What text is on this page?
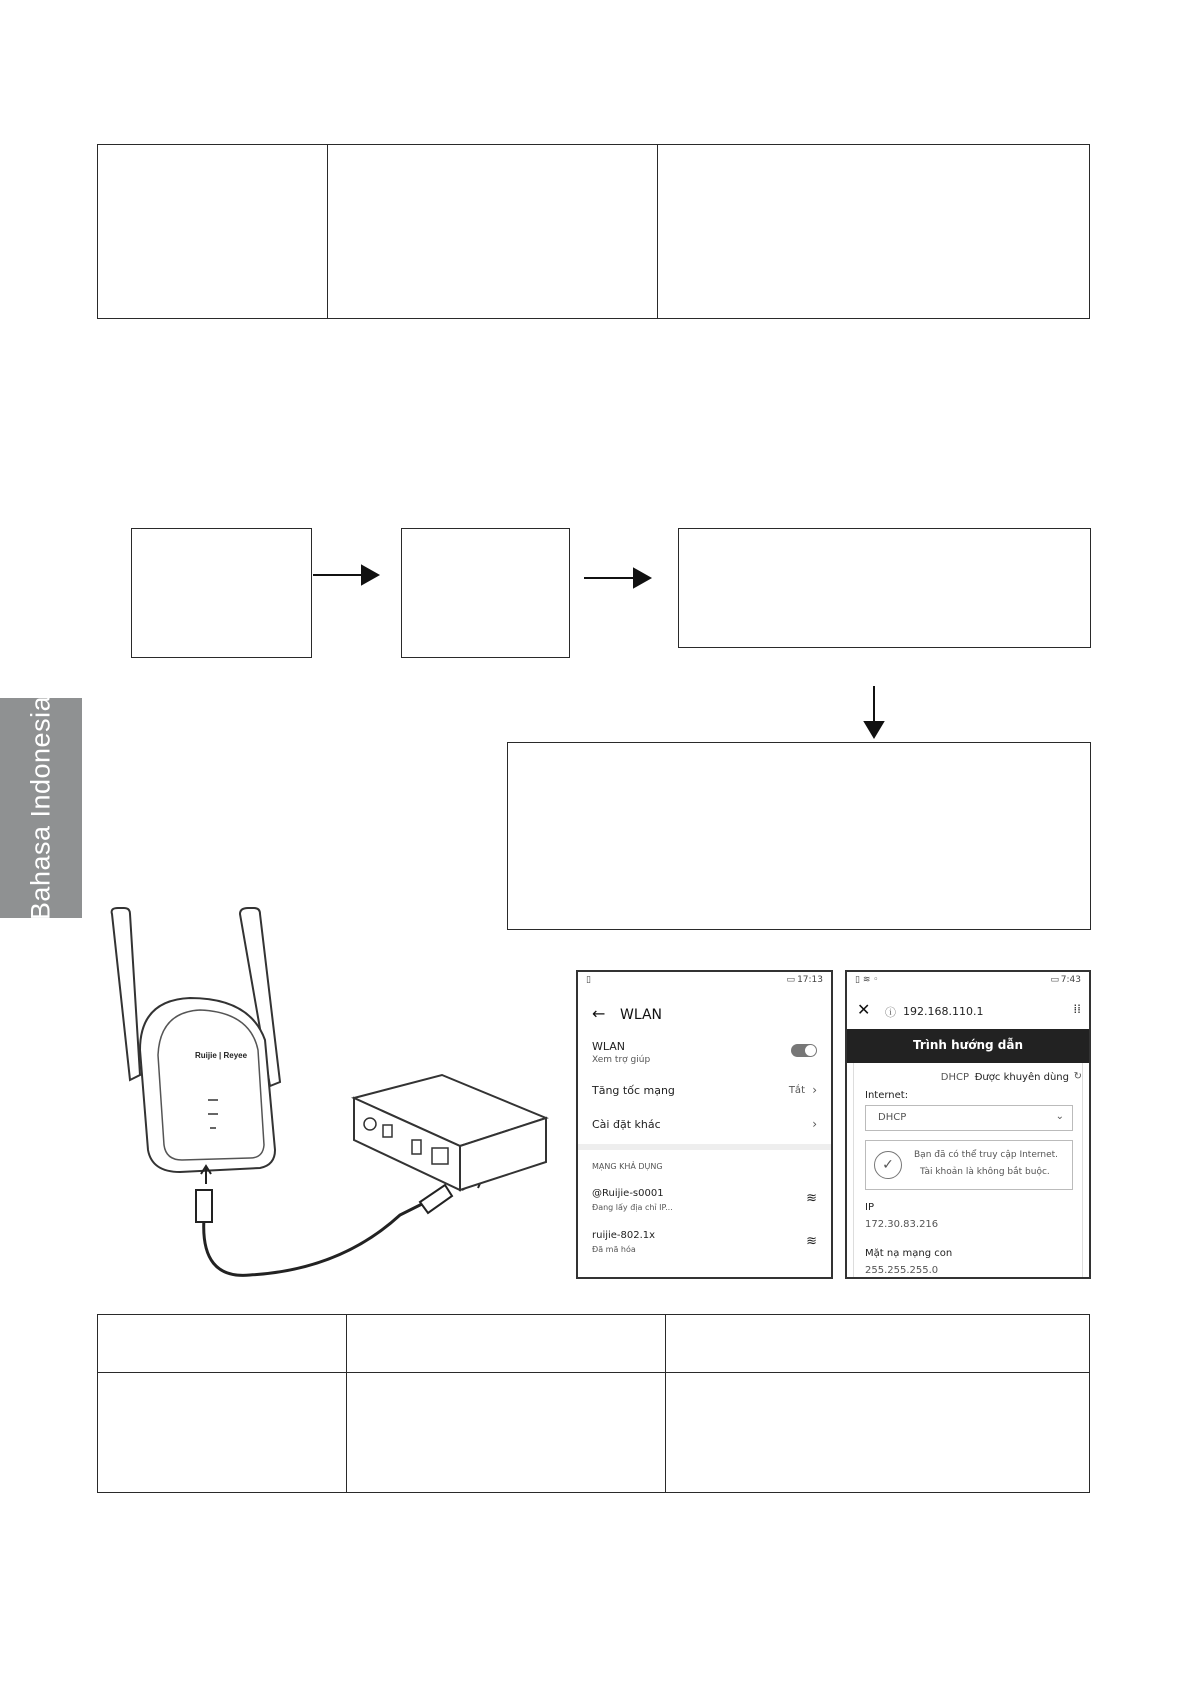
Bahasa Indonesia
Ruijie | Reyee
▯	▭ 17:13
← WLAN
WLAN
Xem trợ giúp
Tăng tốc mạng	Tắt ›
Cài đặt khác	›
MẠNG KHẢ DỤNG
@Ruijie-s0001
Đang lấy địa chỉ IP...
≋
ruijie-802.1x
Đã mã hóa
≋
▯ ≋ ◦	▭ 7:43
✕ ⓘ 192.168.110.1	⁞⁞
Trình hướng dẫn
DHCP Được khuyên dùng ↻
Internet:
DHCP	⌄
✓
Bạn đã có thể truy cập Internet.
Tài khoản là không bắt buộc.
IP
172.30.83.216
Mặt nạ mạng con
255.255.255.0
